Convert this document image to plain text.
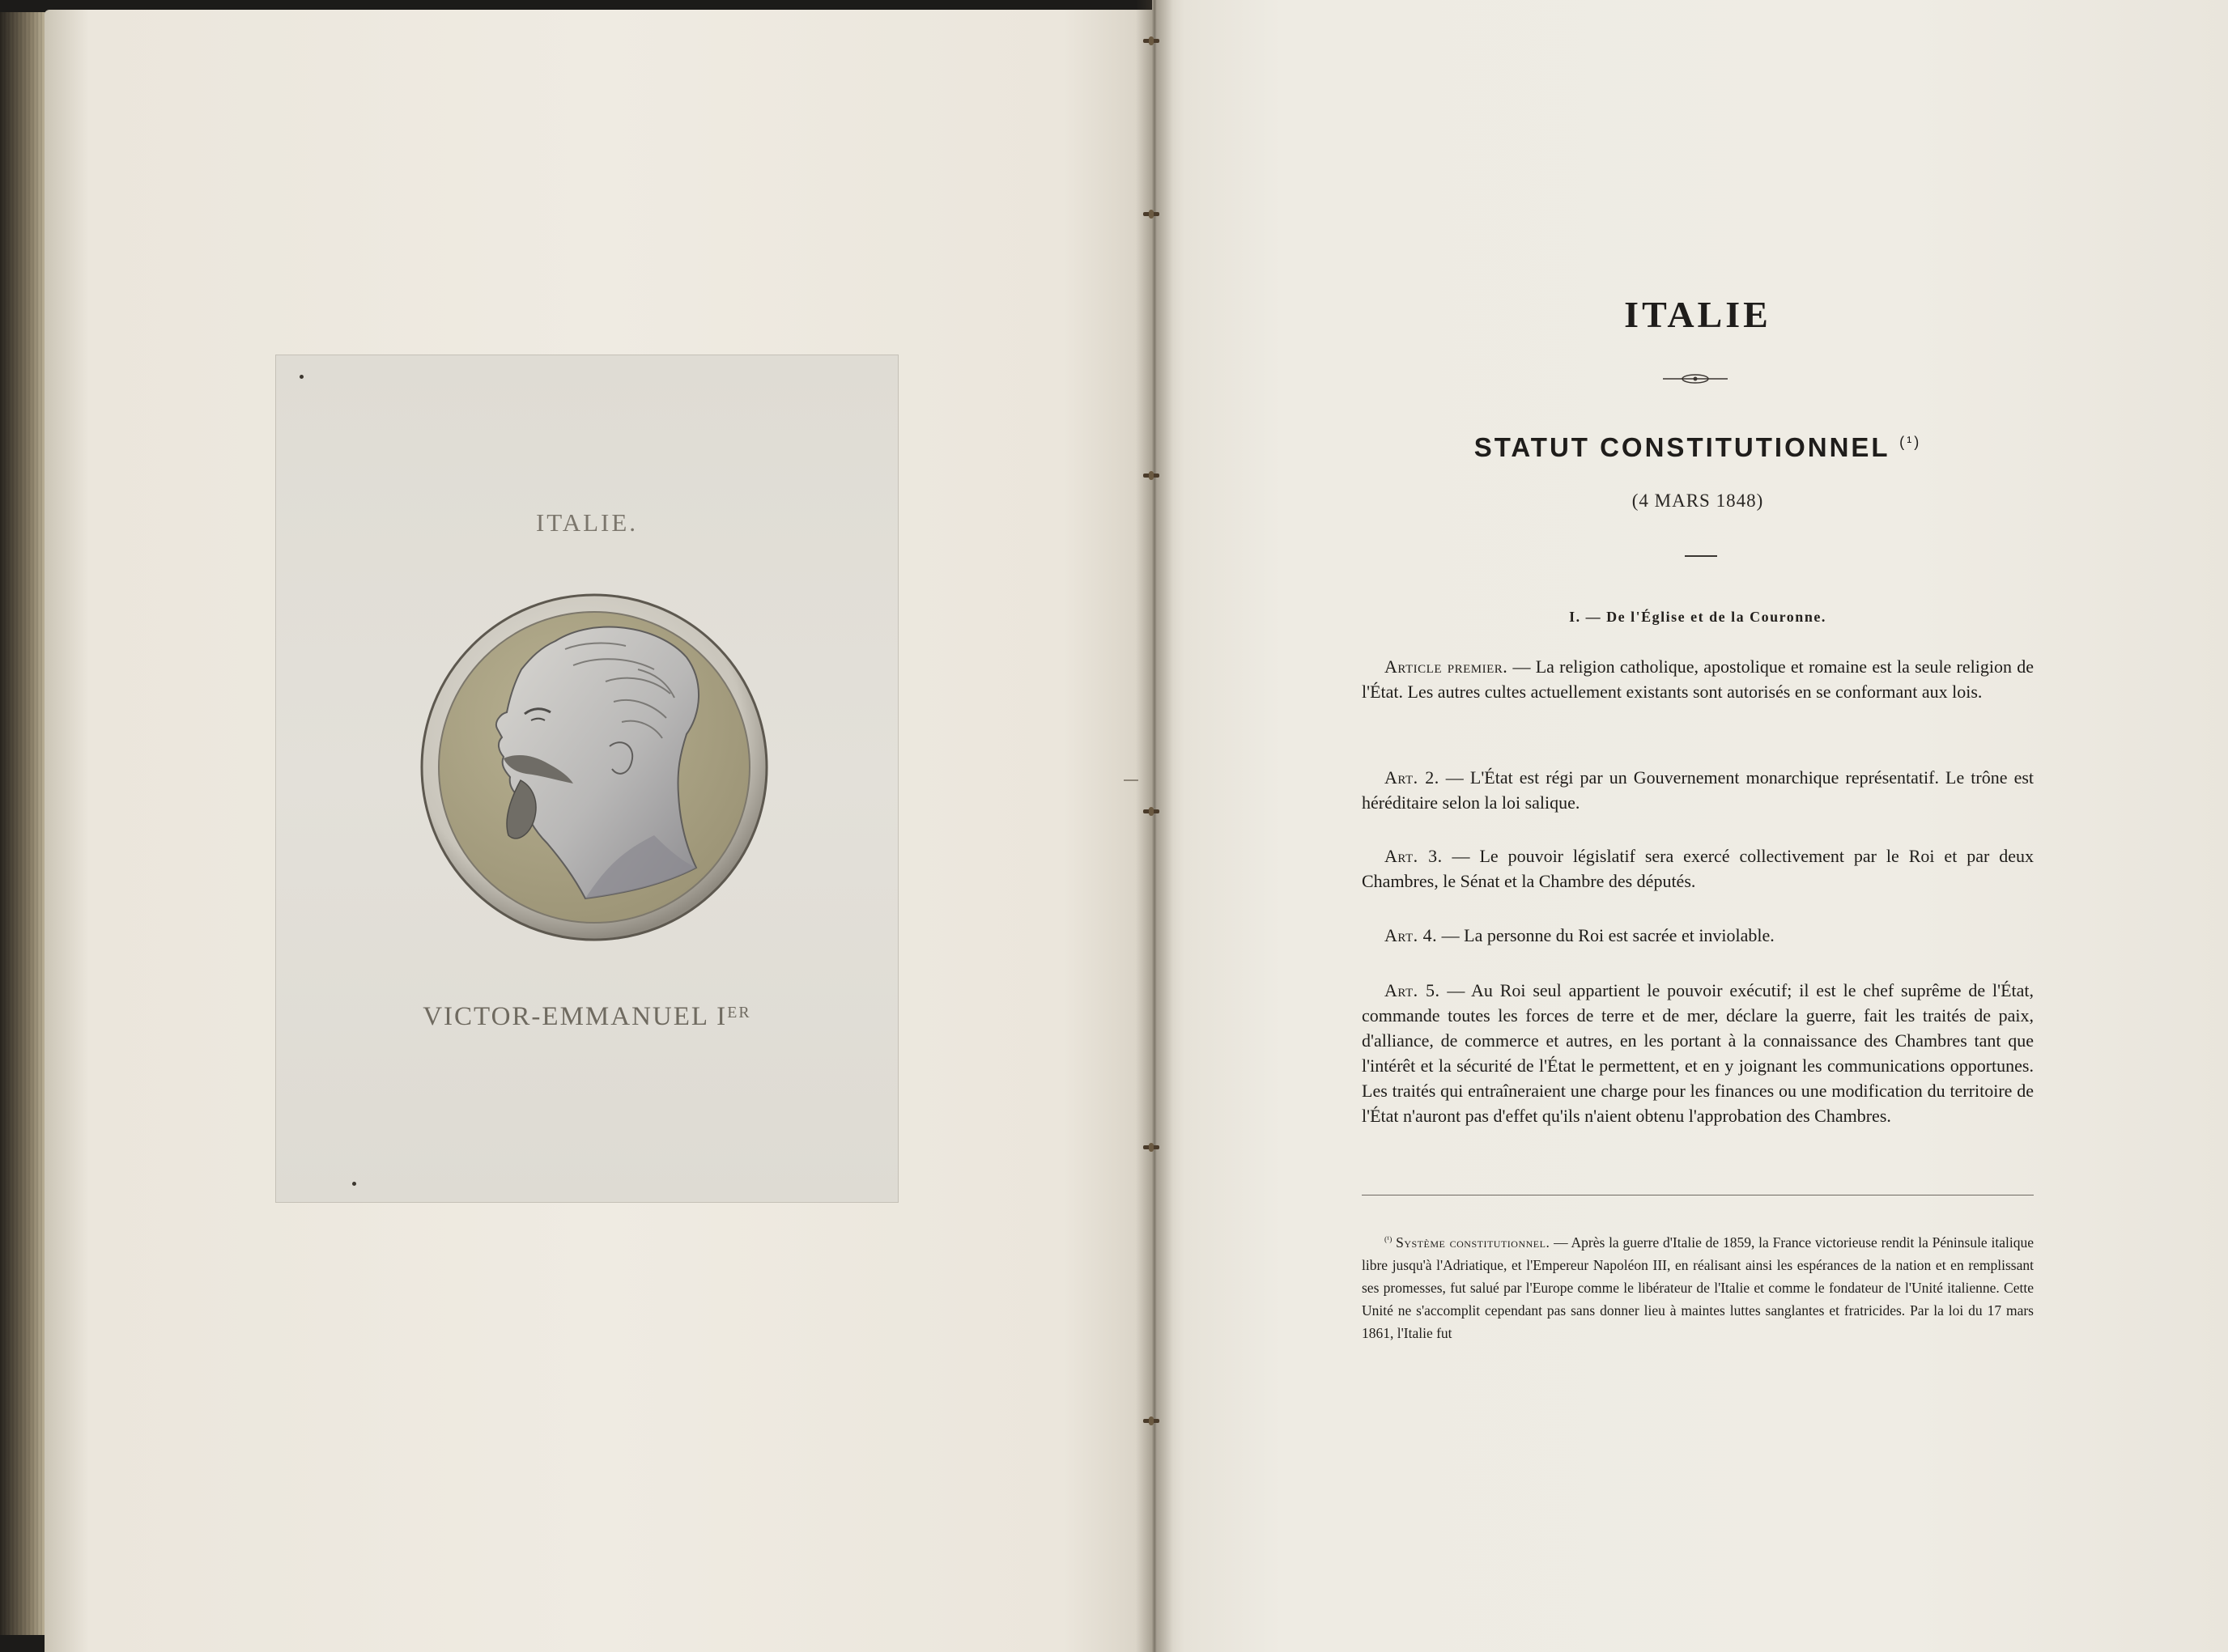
ITALIE.
VICTOR-EMMANUEL Iᴱᴿ
ITALIE
STATUT CONSTITUTIONNEL $^{(^1)}$
(4 MARS 1848)
I. — De l'Église et de la Couronne.

Article premier. — La religion catholique, apostolique et romaine est la seule religion de l'État. Les autres cultes actuellement existants sont autorisés en se conformant aux lois.

Art. 2. — L'État est régi par un Gouvernement monarchique représentatif. Le trône est héréditaire selon la loi salique.

Art. 3. — Le pouvoir législatif sera exercé collectivement par le Roi et par deux Chambres, le Sénat et la Chambre des députés.

Art. 4. — La personne du Roi est sacrée et inviolable.

Art. 5. — Au Roi seul appartient le pouvoir exécutif; il est le chef suprême de l'État, commande toutes les forces de terre et de mer, déclare la guerre, fait les traités de paix, d'alliance, de commerce et autres, en les portant à la connaissance des Chambres tant que l'intérêt et la sécurité de l'État le permettent, et en y joignant les communications opportunes. Les traités qui entraîneraient une charge pour les finances ou une modification du territoire de l'État n'auront pas d'effet qu'ils n'aient obtenu l'approbation des Chambres.

$^{(^1)}$ Système constitutionnel. — Après la guerre d'Italie de 1859, la France victorieuse rendit la Péninsule italique libre jusqu'à l'Adriatique, et l'Empereur Napoléon III, en réalisant ainsi les espérances de la nation et en remplissant ses promesses, fut salué par l'Europe comme le libérateur de l'Italie et comme le fondateur de l'Unité italienne. Cette Unité ne s'accomplit cependant pas sans donner lieu à maintes luttes sanglantes et fratricides. Par la loi du 17 mars 1861, l'Italie fut
